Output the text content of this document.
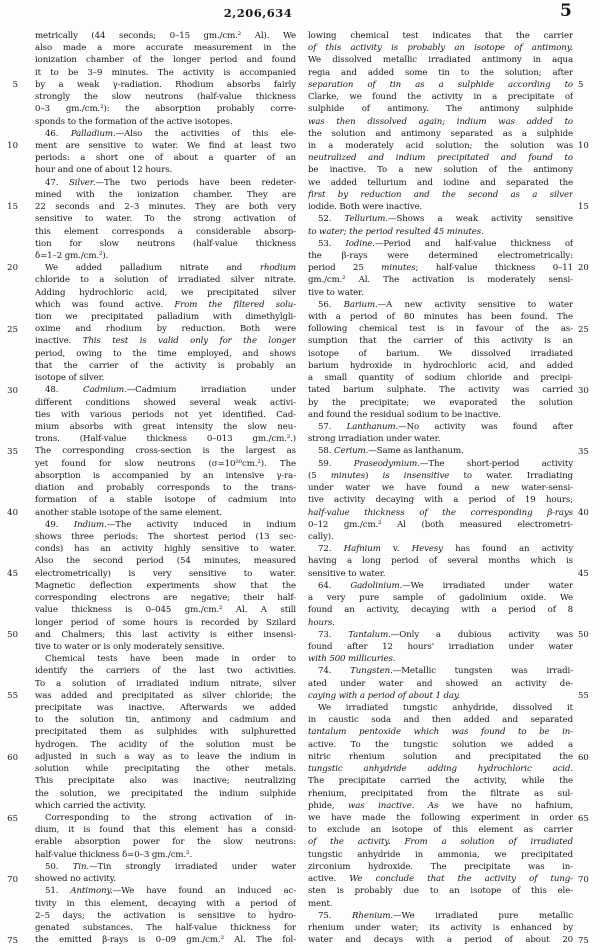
2,206,634	5
5
10
15
20
25
30
35
40
45
50
55
60
65
70
75
metrically (44 seconds; 0–15 gm./cm.² Al). We
also made a more accurate measurement in the
ionization chamber of the longer period and found
it to be 3–9 minutes. The activity is accompanied
by a weak γ-radiation. Rhodium absorbs fairly
strongly the slow neutrons (half-value thickness
0–3 gm./cm.²): the absorption probably corre-
sponds to the formation of the active isotopes.
46. Palladium.—Also the activities of this ele-
ment are sensitive to water. We find at least two
periods: a short one of about a quarter of an
hour and one of about 12 hours.
47. Silver.—The two periods have been redeter-
mined with the ionization chamber. They are
22 seconds and 2–3 minutes. They are both very
sensitive to water. To the strong activation of
this element corresponds a considerable absorp-
tion for slow neutrons (half-value thickness
δ=1–2 gm./cm.²).
We added palladium nitrate and rhodium
chloride to a solution of irradiated silver nitrate.
Adding hydrochloric acid, we precipitated silver
which was found active. From the filtered solu-
tion we precipitated palladium with dimethylgli-
oxime and rhodium by reduction. Both were
inactive. This test is valid only for the longer
period, owing to the time employed, and shows
that the carrier of the activity is probably an
isotope of silver.
48. Cadmium.—Cadmium irradiation under
different conditions showed several weak activi-
ties with various periods not yet identified. Cad-
mium absorbs with great intensity the slow neu-
trons. (Half-value thickness 0–013 gm./cm.².)
The corresponding cross-section is the largest as
yet found for slow neutrons (σ=10²⁰cm.²). The
absorption is accompanied by an intensive γ-ra-
diation and probably corresponds to the trans-
formation of a stable isotope of cadmium into
another stable isotope of the same element.
49. Indium.—The activity induced in indium
shows three periods: The shortest period (13 sec-
conds) has an activity highly sensitive to water.
Also the second period (54 minutes, measured
electrometrically) is very sensitive to water.
Magnetic deflection experiments show that the
corresponding electrons are negative; their half-
value thickness is 0–045 gm./cm.² Al. A still
longer period of some hours is recorded by Szilard
and Chalmers; this last activity is either insensi-
tive to water or is only moderately sensitive.
Chemical tests have been made in order to
identify the carriers of the last two activities.
To a solution of irradiated indium nitrate, silver
was added and precipitated as silver chloride; the
precipitate was inactive. Afterwards we added
to the solution tin, antimony and cadmium and
precipitated them as sulphides with sulphuretted
hydrogen. The acidity of the solution must be
adjusted in such a way as to leave the indium in
solution while precipitating the other metals.
This precipitate also was inactive; neutralizing
the solution, we precipitated the indium sulphide
which carried the activity.
Corresponding to the strong activation of in-
dium, it is found that this element has a consid-
erable absorption power for the slow neutrons:
half-value thickness δ=0–3 gm./cm.².
50. Tin.—Tin strongly irradiated under water
showed no activity.
51. Antimony.—We have found an induced ac-
tivity in this element, decaying with a period of
2–5 days; the activation is sensitive to hydro-
genated substances. The half-value thickness for
the emitted β-rays is 0–09 gm./cm.² Al. The fol-
lowing chemical test indicates that the carrier
of this activity is probably an isotope of antimony.
We dissolved metallic irradiated antimony in aqua
regia and added some tin to the solution; after
separation of tin as a sulphide according to
Clarke, we found the activity in a precipitate of
sulphide of antimony. The antimony sulphide
was then dissolved again; indium was added to
the solution and antimony separated as a sulphide
in a moderately acid solution; the solution was
neutralized and indium precipitated and found to
be inactive. To a new solution of the antimony
we added tellurium and iodine and separated the
first by reduction and the second as a silver
iodide. Both were inactive.
52. Tellurium.—Shows a weak activity sensitive
to water; the period resulted 45 minutes.
53. Iodine.—Period and half-value thickness of
the β-rays were determined electrometrically:
period 25 minutes; half-value thickness 0–11
gm./cm.² Al. The activation is moderately sensi-
tive to water.
56. Barium.—A new activity sensitive to water
with a period of 80 minutes has been found. The
following chemical test is in favour of the as-
sumption that the carrier of this activity is an
isotope of barium. We dissolved irradiated
barium hydroxide in hydrochloric acid, and added
a small quantity of sodium chloride and precipi-
tated barium sulphate. The activity was carried
by the precipitate; we evaporated the solution
and found the residual sodium to be inactive.
57. Lanthanum.—No activity was found after
strong irradiation under water.
58. Cerium.—Same as lanthanum.
59. Praseodymium.—The short-period activity
(5 minutes) is insensitive to water. Irradiating
under water we have found a new water-sensi-
tive activity decaying with a period of 19 hours;
half-value thickness of the corresponding β-rays
0–12 gm./cm.² Al (both measured electrometri-
cally).
72. Hafnium v. Hevesy has found an activity
having a long period of several months which is
sensitive to water.
64. Gadolinium.—We irradiated under water
a very pure sample of gadolinium oxide. We
found an activity, decaying with a period of 8
hours.
73. Tantalum.—Only a dubious activity was
found after 12 hours' irradiation under water
with 500 millicuries.
74. Tungsten.—Metallic tungsten was irradi-
ated under water and showed an activity de-
caying with a period of about 1 day.
We irradiated tungstic anhydride, dissolved it
in caustic soda and then added and separated
tantalum pentoxide which was found to be in-
active. To the tungstic solution we added a
nitric rhenium solution and precipitated the
tungstic anhydride adding hydrochloric acid.
The precipitate carried the activity, while the
rhenium, precipitated from the filtrate as sul-
phide, was inactive. As we have no hafnium,
we have made the following experiment in order
to exclude an isotope of this element as carrier
of the activity. From a solution of irradiated
tungstic anhydride in ammonia, we precipitated
zirconium hydroxide. The precipitate was in-
active. We conclude that the activity of tung-
sten is probably due to an isotope of this ele-
ment.
75. Rhenium.—We irradiated pure metallic
rhenium under water; its activity is enhanced by
water and decays with a period of about 20
5
10
15
20
25
30
35
40
45
50
55
60
65
70
75
